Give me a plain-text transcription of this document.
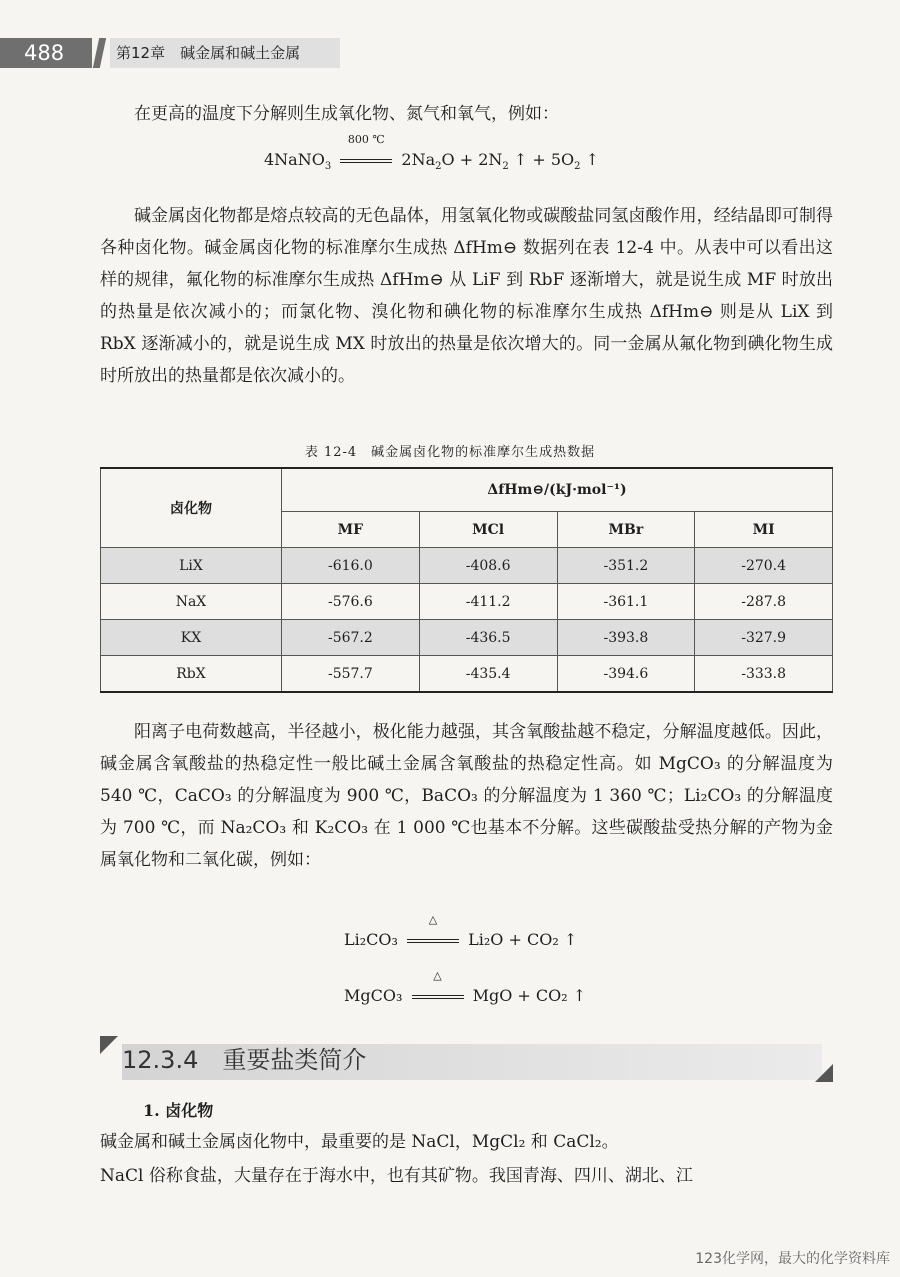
488	第12章　碱金属和碱土金属

在更高的温度下分解则生成氧化物、氮气和氧气，例如：

4NaNO$_3$
800 ℃
$2Na_2O + 2N_2$ ↑ + $5O_2$ ↑

碱金属卤化物都是熔点较高的无色晶体，用氢氧化物或碳酸盐同氢卤酸作用，经结晶即可制得各种卤化物。碱金属卤化物的标准摩尔生成热 ΔfHm⊖ 数据列在表 12-4 中。从表中可以看出这样的规律，氟化物的标准摩尔生成热 ΔfHm⊖ 从 LiF 到 RbF 逐渐增大，就是说生成 MF 时放出的热量是依次减小的；而氯化物、溴化物和碘化物的标准摩尔生成热 ΔfHm⊖ 则是从 LiX 到 RbX 逐渐减小的，就是说生成 MX 时放出的热量是依次增大的。同一金属从氟化物到碘化物生成时所放出的热量都是依次减小的。

表 12-4　碱金属卤化物的标准摩尔生成热数据
卤化物	ΔfHm⊖/(kJ·mol⁻¹)			
	MF	MCl	MBr	MI
LiX	-616.0	-408.6	-351.2	-270.4
NaX	-576.6	-411.2	-361.1	-287.8
KX	-567.2	-436.5	-393.8	-327.9
RbX	-557.7	-435.4	-394.6	-333.8

阳离子电荷数越高，半径越小，极化能力越强，其含氧酸盐越不稳定，分解温度越低。因此，碱金属含氧酸盐的热稳定性一般比碱土金属含氧酸盐的热稳定性高。如 MgCO₃ 的分解温度为 540 ℃，CaCO₃ 的分解温度为 900 ℃，BaCO₃ 的分解温度为 1 360 ℃；Li₂CO₃ 的分解温度为 700 ℃，而 Na₂CO₃ 和 K₂CO₃ 在 1 000 ℃也基本不分解。这些碳酸盐受热分解的产物为金属氧化物和二氧化碳，例如：

Li₂CO₃
△
Li₂O + CO₂ ↑
MgCO₃
△
MgO + CO₂ ↑
12.3.4　重要盐类简介
1. 卤化物

碱金属和碱土金属卤化物中，最重要的是 NaCl，MgCl₂ 和 CaCl₂。

NaCl 俗称食盐，大量存在于海水中，也有其矿物。我国青海、四川、湖北、江

123化学网，最大的化学资料库
